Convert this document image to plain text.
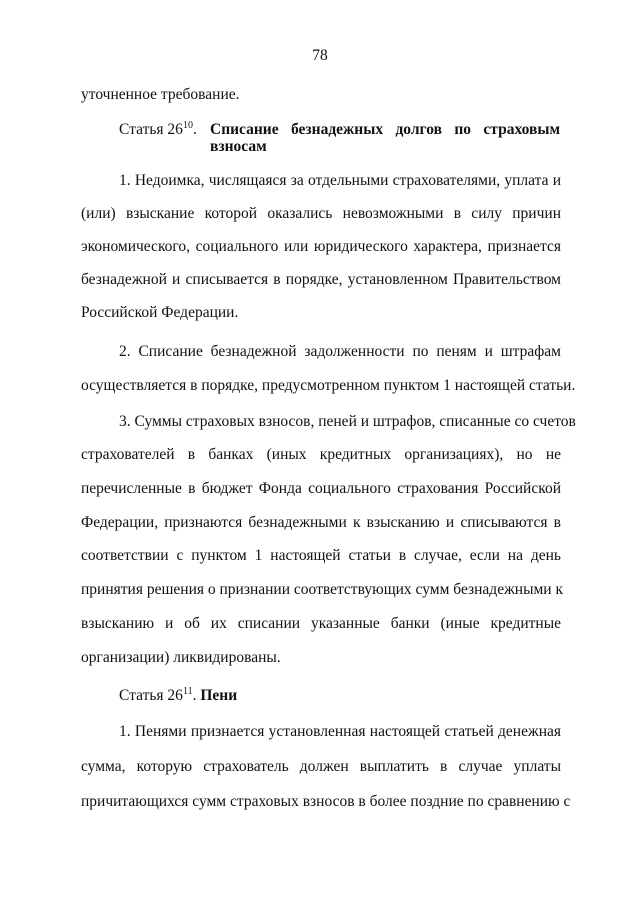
78
уточненное требование.
Статья $26^{10}$. Списание безнадежных долгов по страховым
взносам
1. Недоимка, числящаяся за отдельными страхователями, уплата и
(или) взыскание которой оказались невозможными в силу причин
экономического, социального или юридического характера, признается
безнадежной и списывается в порядке, установленном Правительством
Российской Федерации.
2. Списание безнадежной задолженности по пеням и штрафам
осуществляется в порядке, предусмотренном пунктом 1 настоящей статьи.
3. Суммы страховых взносов, пеней и штрафов, списанные со счетов
страхователей в банках (иных кредитных организациях), но не
перечисленные в бюджет Фонда социального страхования Российской
Федерации, признаются безнадежными к взысканию и списываются в
соответствии с пунктом 1 настоящей статьи в случае, если на день
принятия решения о признании соответствующих сумм безнадежными к
взысканию и об их списании указанные банки (иные кредитные
организации) ликвидированы.
Статья $26^{11}$. Пени
1. Пенями признается установленная настоящей статьей денежная
сумма, которую страхователь должен выплатить в случае уплаты
причитающихся сумм страховых взносов в более поздние по сравнению с
